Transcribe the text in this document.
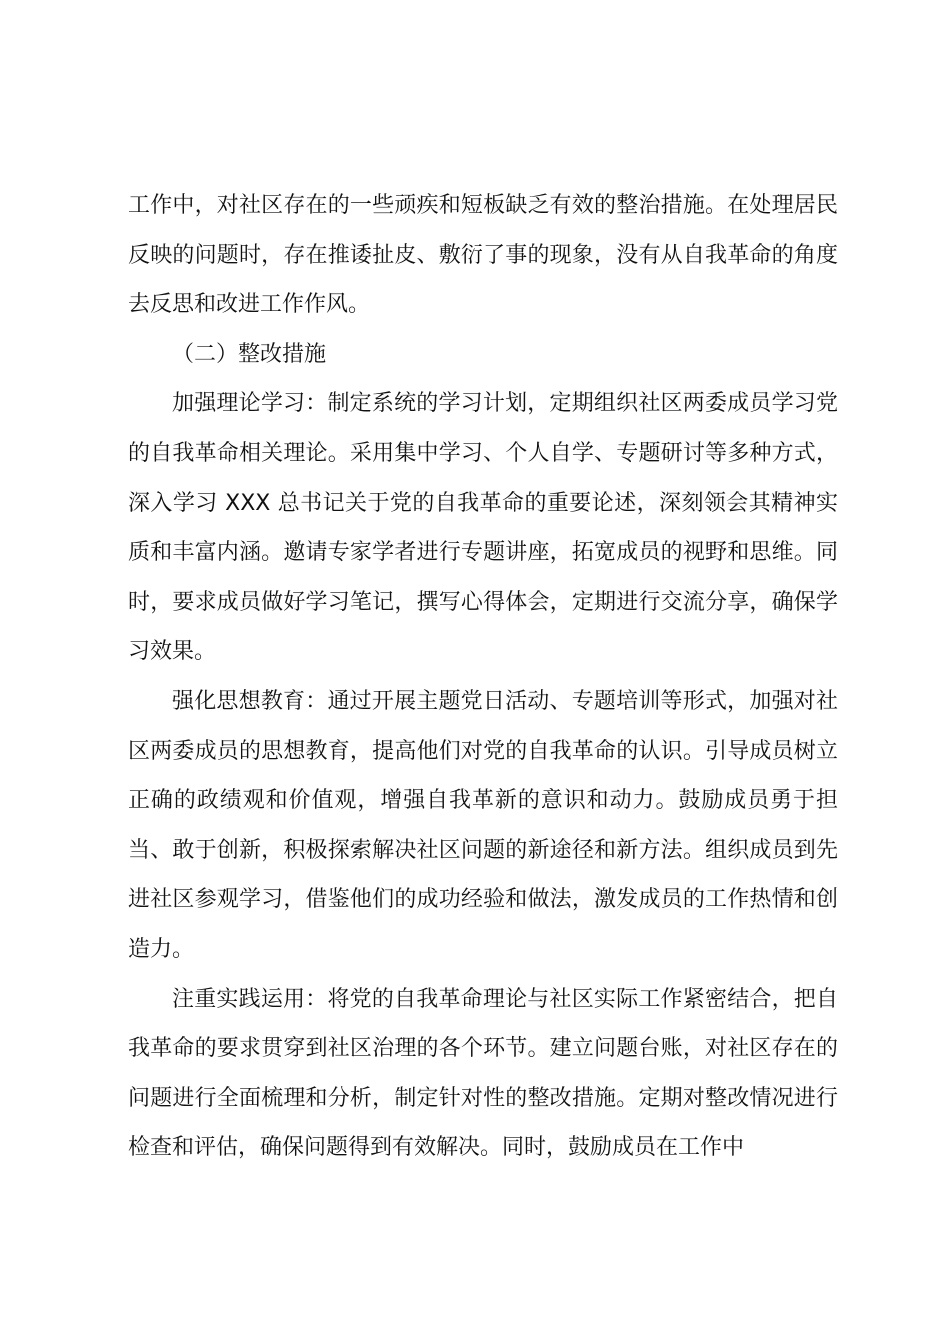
工作中，对社区存在的一些顽疾和短板缺乏有效的整治措施。在处理居民反映的问题时，存在推诿扯皮、敷衍了事的现象，没有从自我革命的角度去反思和改进工作作风。

（二）整改措施

加强理论学习：制定系统的学习计划，定期组织社区两委成员学习党的自我革命相关理论。采用集中学习、个人自学、专题研讨等多种方式，深入学习 XXX 总书记关于党的自我革命的重要论述，深刻领会其精神实质和丰富内涵。邀请专家学者进行专题讲座，拓宽成员的视野和思维。同时，要求成员做好学习笔记，撰写心得体会，定期进行交流分享，确保学习效果。

强化思想教育：通过开展主题党日活动、专题培训等形式，加强对社区两委成员的思想教育，提高他们对党的自我革命的认识。引导成员树立正确的政绩观和价值观，增强自我革新的意识和动力。鼓励成员勇于担当、敢于创新，积极探索解决社区问题的新途径和新方法。组织成员到先进社区参观学习，借鉴他们的成功经验和做法，激发成员的工作热情和创造力。

注重实践运用：将党的自我革命理论与社区实际工作紧密结合，把自我革命的要求贯穿到社区治理的各个环节。建立问题台账，对社区存在的问题进行全面梳理和分析，制定针对性的整改措施。定期对整改情况进行检查和评估，确保问题得到有效解决。同时，鼓励成员在工作中
